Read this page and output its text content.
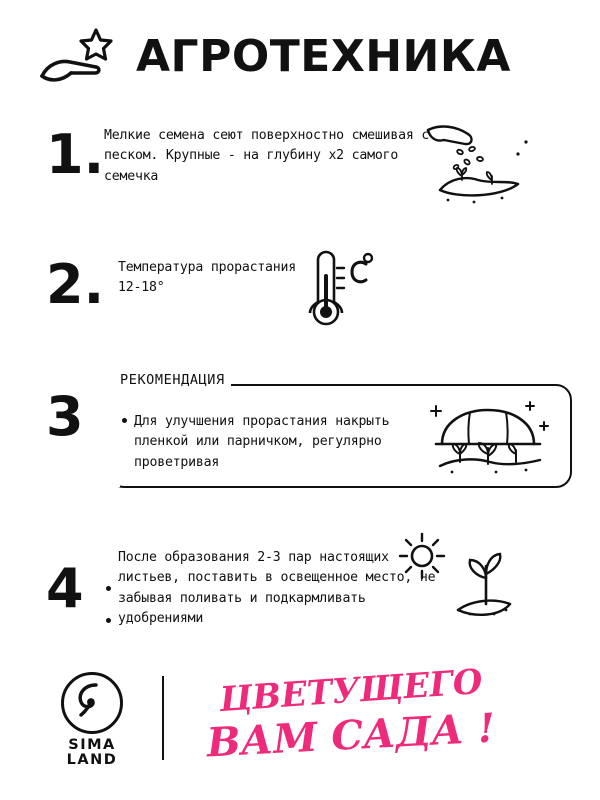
АГРОТЕХНИКА
1. Мелкие семена сеют поверхностно смешивая с песком. Крупные - на глубину х2 самого семечка
2. Температура прорастания 12-18°
3
РЕКОМЕНДАЦИЯ
Для улучшения прорастания накрыть пленкой или парничком, регулярно проветривая
4	После образования 2-3 пар настоящих листьев, поставить в освещенное место, не забывая поливать и подкармливать удобрениями
SIMA
LAND
ЦВЕТУЩЕГО
ВАМ САДА !
